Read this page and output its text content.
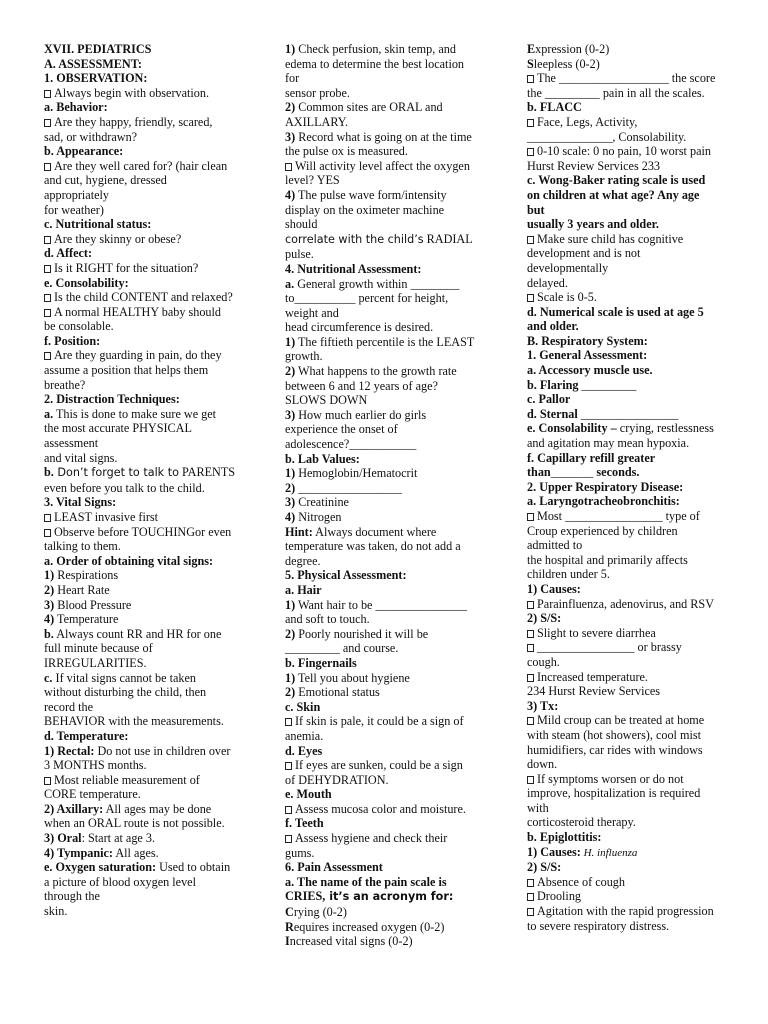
XVII. PEDIATRICS
A. ASSESSMENT:
1. OBSERVATION:
Always begin with observation.
a. Behavior:
Are they happy, friendly, scared,
sad, or withdrawn?
b. Appearance:
Are they well cared for? (hair clean
and cut, hygiene, dressed
appropriately
for weather)
c. Nutritional status:
Are they skinny or obese?
d. Affect:
Is it RIGHT for the situation?
e. Consolability:
Is the child CONTENT and relaxed?
A normal HEALTHY baby should
be consolable.
f. Position:
Are they guarding in pain, do they
assume a position that helps them
breathe?
2. Distraction Techniques:
a. This is done to make sure we get
the most accurate PHYSICAL
assessment
and vital signs.
b. Don’t forget to talk to PARENTS
even before you talk to the child.
3. Vital Signs:
LEAST invasive first
Observe before TOUCHINGor even
talking to them.
a. Order of obtaining vital signs:
1) Respirations
2) Heart Rate
3) Blood Pressure
4) Temperature
b. Always count RR and HR for one
full minute because of
IRREGULARITIES.
c. If vital signs cannot be taken
without disturbing the child, then
record the
BEHAVIOR with the measurements.
d. Temperature:
1) Rectal: Do not use in children over
3 MONTHS months.
Most reliable measurement of
CORE temperature.
2) Axillary: All ages may be done
when an ORAL route is not possible.
3) Oral: Start at age 3.
4) Tympanic: All ages.
e. Oxygen saturation: Used to obtain
a picture of blood oxygen level
through the
skin.
1) Check perfusion, skin temp, and
edema to determine the best location
for
sensor probe.
2) Common sites are ORAL and
AXILLARY.
3) Record what is going on at the time
the pulse ox is measured.
Will activity level affect the oxygen
level? YES
4) The pulse wave form/intensity
display on the oximeter machine
should
correlate with the child’s RADIAL
pulse.
4. Nutritional Assessment:
a. General growth within ________
to__________ percent for height,
weight and
head circumference is desired.
1) The fiftieth percentile is the LEAST
growth.
2) What happens to the growth rate
between 6 and 12 years of age?
SLOWS DOWN
3) How much earlier do girls
experience the onset of
adolescence?___________
b. Lab Values:
1) Hemoglobin/Hematocrit
2) _________________
3) Creatinine
4) Nitrogen
Hint: Always document where
temperature was taken, do not add a
degree.
5. Physical Assessment:
a. Hair
1) Want hair to be _______________
and soft to touch.
2) Poorly nourished it will be
_________ and course.
b. Fingernails
1) Tell you about hygiene
2) Emotional status
c. Skin
If skin is pale, it could be a sign of
anemia.
d. Eyes
If eyes are sunken, could be a sign
of DEHYDRATION.
e. Mouth
Assess mucosa color and moisture.
f. Teeth
Assess hygiene and check their
gums.
6. Pain Assessment
a. The name of the pain scale is
CRIES, it’s an acronym for:
Crying (0-2)
Requires increased oxygen (0-2)
Increased vital signs (0-2)
Expression (0-2)
Sleepless (0-2)
The __________________ the score
the _________ pain in all the scales.
b. FLACC
Face, Legs, Activity,
______________, Consolability.
0-10 scale: 0 no pain, 10 worst pain
Hurst Review Services 233
c. Wong-Baker rating scale is used
on children at what age? Any age
but
usually 3 years and older.
Make sure child has cognitive
development and is not
developmentally
delayed.
Scale is 0-5.
d. Numerical scale is used at age 5
and older.
B. Respiratory System:
1. General Assessment:
a. Accessory muscle use.
b. Flaring _________
c. Pallor
d. Sternal ________________
e. Consolability – crying, restlessness
and agitation may mean hypoxia.
f. Capillary refill greater
than_______ seconds.
2. Upper Respiratory Disease:
a. Laryngotracheobronchitis:
Most ________________ type of
Croup experienced by children
admitted to
the hospital and primarily affects
children under 5.
1) Causes:
Parainfluenza, adenovirus, and RSV
2) S/S:
Slight to severe diarrhea
________________ or brassy
cough.
Increased temperature.
234 Hurst Review Services
3) Tx:
Mild croup can be treated at home
with steam (hot showers), cool mist
humidifiers, car rides with windows
down.
If symptoms worsen or do not
improve, hospitalization is required
with
corticosteroid therapy.
b. Epiglottitis:
1) Causes: H. influenza
2) S/S:
Absence of cough
Drooling
Agitation with the rapid progression
to severe respiratory distress.
